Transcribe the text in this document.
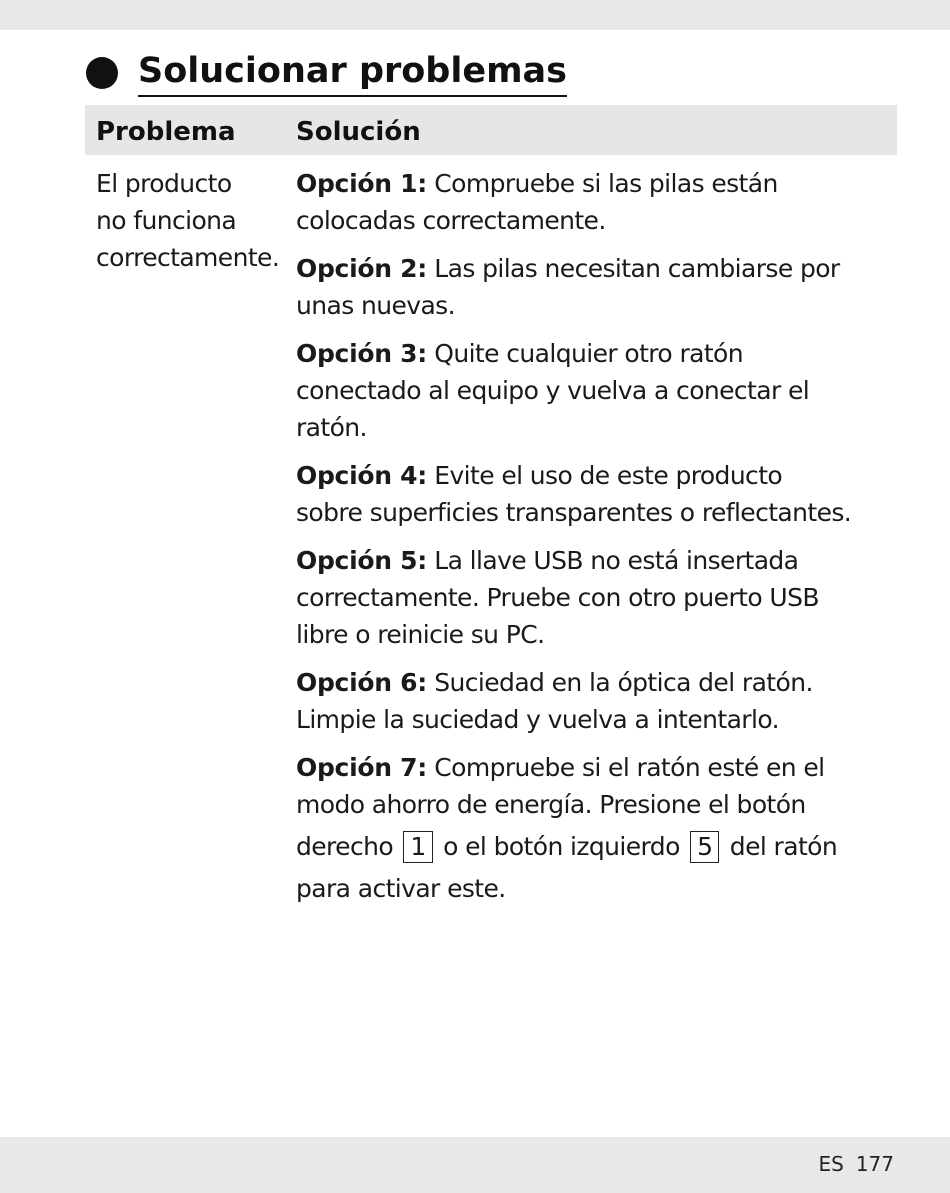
Solucionar problemas
Problema Solución
El producto
no funciona
correctamente.
Opción 1: Compruebe si las pilas están
colocadas correctamente.
Opción 2: Las pilas necesitan cambiarse por
unas nuevas.
Opción 3: Quite cualquier otro ratón
conectado al equipo y vuelva a conectar el
ratón.
Opción 4: Evite el uso de este producto
sobre superficies transparentes o reflectantes.
Opción 5: La llave USB no está insertada
correctamente. Pruebe con otro puerto USB
libre o reinicie su PC.
Opción 6: Suciedad en la óptica del ratón.
Limpie la suciedad y vuelva a intentarlo.
Opción 7: Compruebe si el ratón esté en el
modo ahorro de energía. Presione el botón
derecho 1 o el botón izquierdo 5 del ratón
para activar este.
ES 177
